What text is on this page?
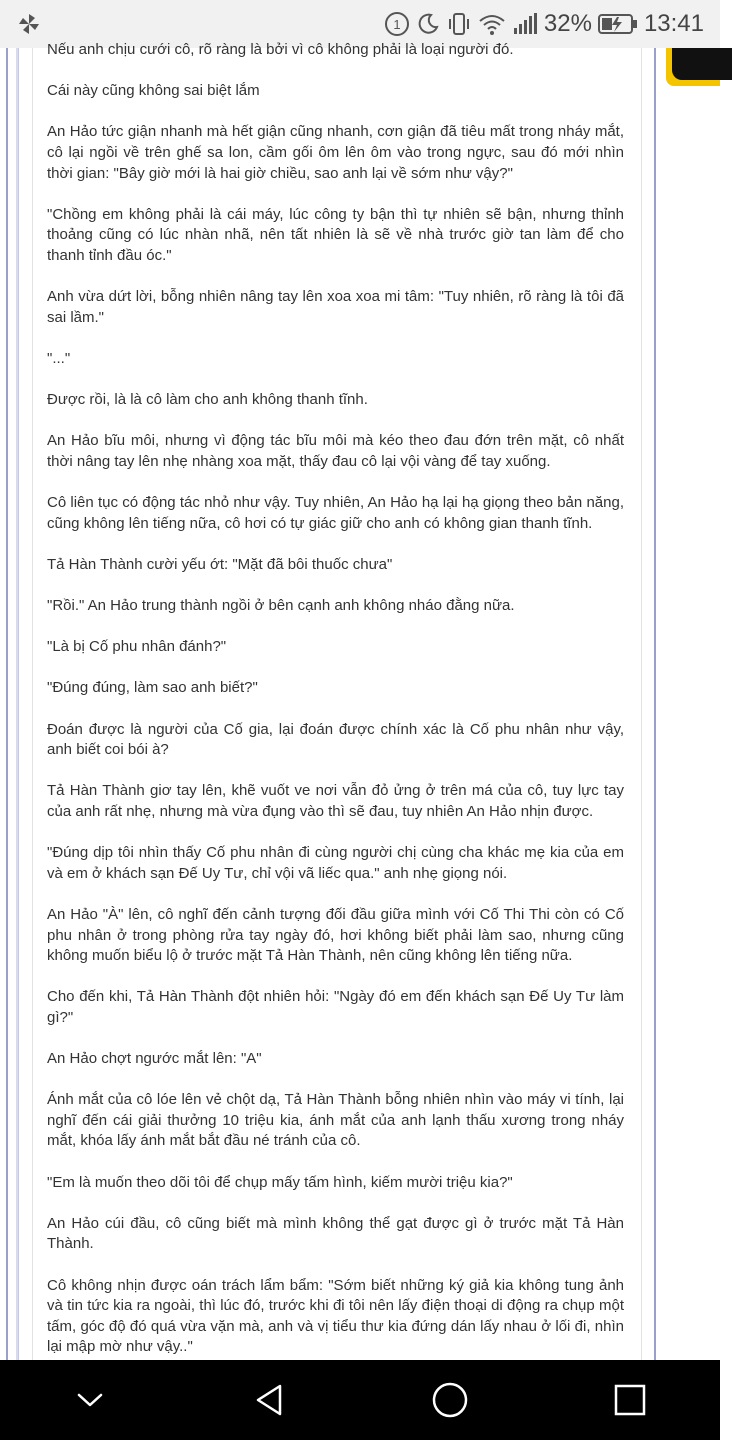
1	32% 13:41

Nếu anh chịu cưới cô, rõ ràng là bởi vì cô không phải là loại người đó.

Cái này cũng không sai biệt lắm

An Hảo tức giận nhanh mà hết giận cũng nhanh, cơn giận đã tiêu mất trong nháy mắt, cô lại ngồi về trên ghế sa lon, cầm gối ôm lên ôm vào trong ngực, sau đó mới nhìn thời gian: "Bây giờ mới là hai giờ chiều, sao anh lại về sớm như vậy?"

"Chồng em không phải là cái máy, lúc công ty bận thì tự nhiên sẽ bận, nhưng thỉnh thoảng cũng có lúc nhàn nhã, nên tất nhiên là sẽ về nhà trước giờ tan làm để cho thanh tỉnh đầu óc."

Anh vừa dứt lời, bỗng nhiên nâng tay lên xoa xoa mi tâm: "Tuy nhiên, rõ ràng là tôi đã sai lầm."

"..."

Được rồi, là là cô làm cho anh không thanh tĩnh.

An Hảo bĩu môi, nhưng vì động tác bĩu môi mà kéo theo đau đớn trên mặt, cô nhất thời nâng tay lên nhẹ nhàng xoa mặt, thấy đau cô lại vội vàng để tay xuống.

Cô liên tục có động tác nhỏ như vậy. Tuy nhiên, An Hảo hạ lại hạ giọng theo bản năng, cũng không lên tiếng nữa, cô hơi có tự giác giữ cho anh có không gian thanh tĩnh.

Tả Hàn Thành cười yếu ớt: "Mặt đã bôi thuốc chưa"

"Rồi." An Hảo trung thành ngồi ở bên cạnh anh không nháo đằng nữa.

"Là bị Cố phu nhân đánh?"

"Đúng đúng, làm sao anh biết?"

Đoán được là người của Cố gia, lại đoán được chính xác là Cố phu nhân như vậy, anh biết coi bói à?

Tả Hàn Thành giơ tay lên, khẽ vuốt ve nơi vẫn đỏ ửng ở trên má của cô, tuy lực tay của anh rất nhẹ, nhưng mà vừa đụng vào thì sẽ đau, tuy nhiên An Hảo nhịn được.

"Đúng dịp tôi nhìn thấy Cố phu nhân đi cùng người chị cùng cha khác mẹ kia của em và em ở khách sạn Đế Uy Tư, chỉ vội vã liếc qua." anh nhẹ giọng nói.

An Hảo "À" lên, cô nghĩ đến cảnh tượng đối đầu giữa mình với Cố Thi Thi còn có Cố phu nhân ở trong phòng rửa tay ngày đó, hơi không biết phải làm sao, nhưng cũng không muốn biểu lộ ở trước mặt Tả Hàn Thành, nên cũng không lên tiếng nữa.

Cho đến khi, Tả Hàn Thành đột nhiên hỏi: "Ngày đó em đến khách sạn Đế Uy Tư làm gì?"

An Hảo chợt ngước mắt lên: "A"

Ánh mắt của cô lóe lên vẻ chột dạ, Tả Hàn Thành bỗng nhiên nhìn vào máy vi tính, lại nghĩ đến cái giải thưởng 10 triệu kia, ánh mắt của anh lạnh thấu xương trong nháy mắt, khóa lấy ánh mắt bắt đầu né tránh của cô.

"Em là muốn theo dõi tôi để chụp mấy tấm hình, kiếm mười triệu kia?"

An Hảo cúi đầu, cô cũng biết mà mình không thể gạt được gì ở trước mặt Tả Hàn Thành.

Cô không nhịn được oán trách lẩm bẩm: "Sớm biết những ký giả kia không tung ảnh và tin tức kia ra ngoài, thì lúc đó, trước khi đi tôi nên lấy điện thoại di động ra chụp một tấm, góc độ đó quá vừa vặn mà, anh và vị tiểu thư kia đứng dán lấy nhau ở lối đi, nhìn lại mập mờ như vậy.."
